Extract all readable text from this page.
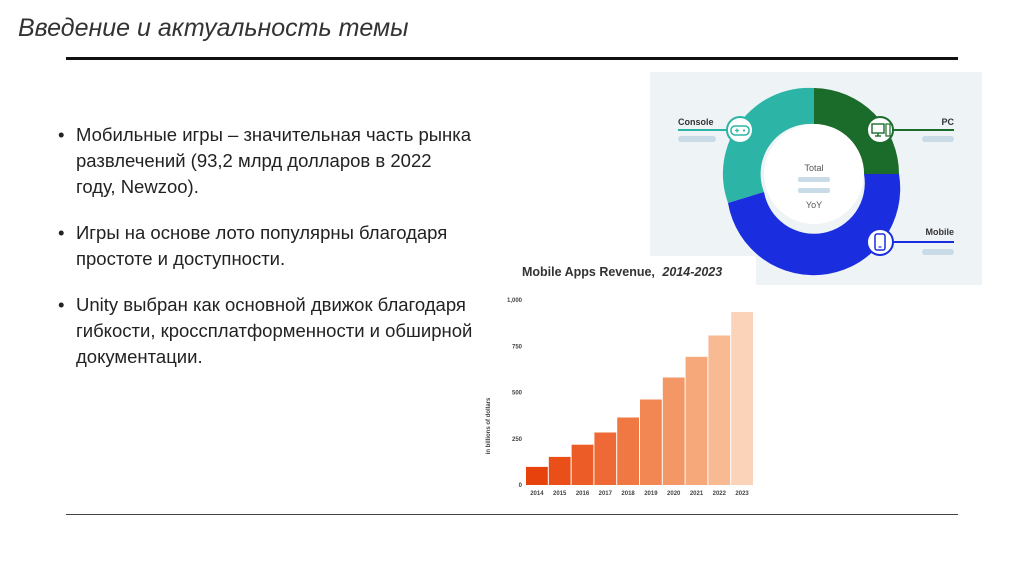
Введение и актуальность темы
• Мобильные игры – значительная часть рынка развлечений (93,2 млрд долларов в 2022 году, Newzoo).
• Игры на основе лото популярны благодаря простоте и доступности.
• Unity выбран как основной движок благодаря гибкости, кроссплатформенности и обширной документации.
Total
YoY
Console	PC
Mobile
Mobile Apps Revenue, 2014-2023
in billions of dollars
0
250
500
750
1,000
2014 2015 2016 2017 2018 2019 2020 2021 2022 2023
